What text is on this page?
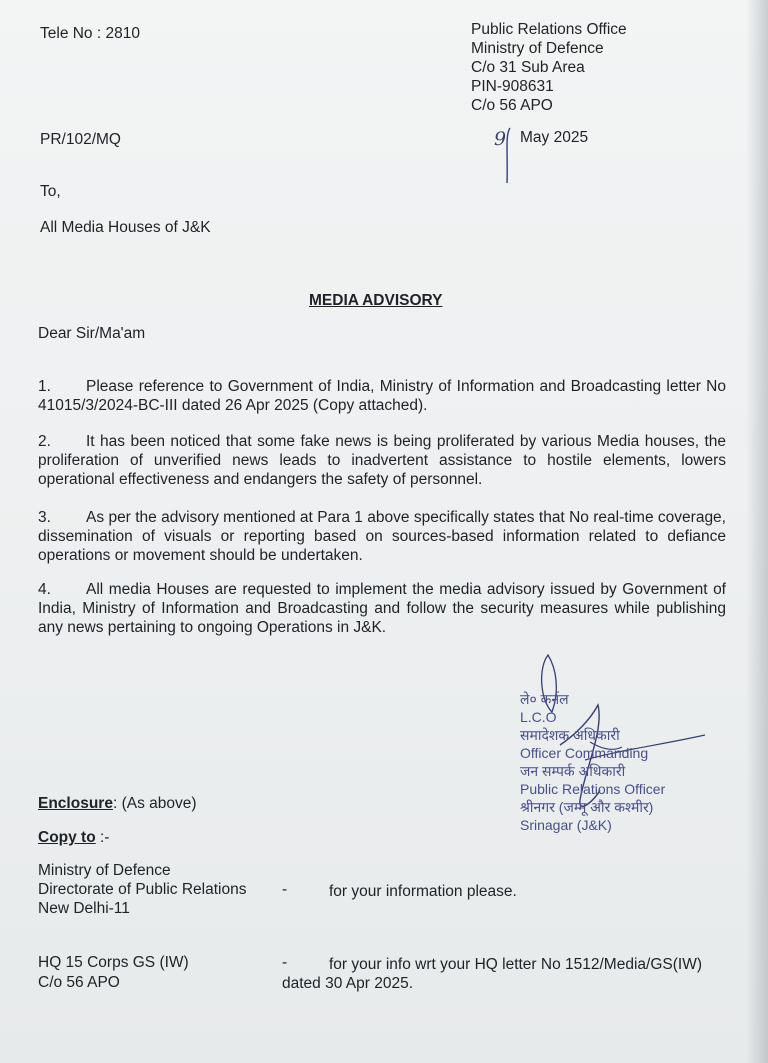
Tele No : 2810	Public Relations Office
Ministry of Defence
C/o 31 Sub Area
PIN-908631
C/o 56 APO
PR/102/MQ	9 May 2025
To,
All Media Houses of J&K
MEDIA ADVISORY
Dear Sir/Ma'am
1. Please reference to Government of India, Ministry of Information and Broadcasting letter No 41015/3/2024-BC-III dated 26 Apr 2025 (Copy attached).
2. It has been noticed that some fake news is being proliferated by various Media houses, the proliferation of unverified news leads to inadvertent assistance to hostile elements, lowers operational effectiveness and endangers the safety of personnel.
3. As per the advisory mentioned at Para 1 above specifically states that No real-time coverage, dissemination of visuals or reporting based on sources-based information related to defiance operations or movement should be undertaken.
4. All media Houses are requested to implement the media advisory issued by Government of India, Ministry of Information and Broadcasting and follow the security measures while publishing any news pertaining to ongoing Operations in J&K.
ले० कर्नल
L.C.O
समादेशक अधिकारी
Officer Commanding
जन सम्पर्क अधिकारी
Public Relations Officer
श्रीनगर (जम्मू और कश्मीर)
Srinagar (J&K)
Enclosure: (As above)
Copy to :-
Ministry of Defence
Directorate of Public Relations
New Delhi-11
-	for your information please.
HQ 15 Corps GS (IW)
C/o 56 APO
-	for your info wrt your HQ letter No 1512/Media/GS(IW)
dated 30 Apr 2025.
